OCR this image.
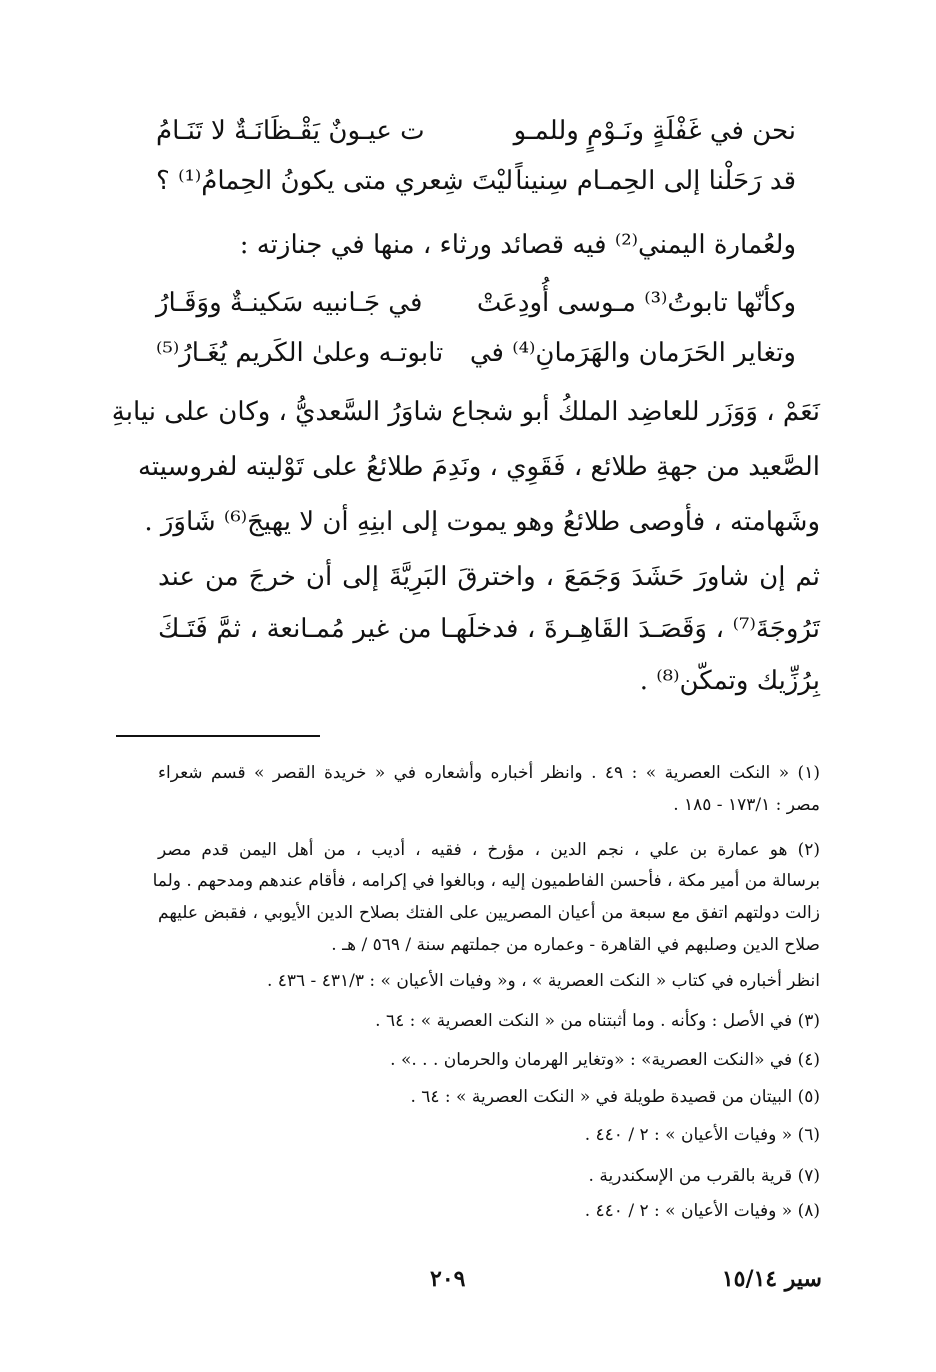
نحن في غَفْلَةٍ ونَـوْمٍ وللمـو
ت عيـونٌ يَقْـظَانَـةٌ لا تَنَـامُ
قد رَحَلْنا إلى الحِمـام سِنيناً
ليْتَ شِعري متى يكونُ الحِمامُ⁽¹⁾ ؟
ولعُمارة اليمني⁽²⁾ فيه قصائد ورثاء ، منها في جنازته :
وكأنّها تابوتُ⁽³⁾ مـوسى أُودِعَتْ
في جَـانبيه سَكينـةٌ ووَقَـارُ
وتغاير الحَرَمان والهَرَمانِ⁽⁴⁾ في
تابوتـه وعلىٰ الكَريم يُغَـارُ⁽⁵⁾
نَعَمْ ، وَوَزَر للعاضِد الملكُ أبو شجاع شاوَرُ السَّعديُّ ، وكان على نيابةِ
الصَّعيد من جهةِ طلائع ، فَقَوِي ، ونَدِمَ طلائعُ على تَوْليته لفروسيته
وشَهامته ، فأوصى طلائعُ وهو يموت إلى ابنِهِ أن لا يهيجَ⁽⁶⁾ شَاوَرَ .
ثم إن شاورَ حَشَدَ وَجَمَعَ ، واخترقَ البَرِيَّةَ إلى أن خرجَ من عند
تَرُوجَةَ⁽⁷⁾ ، وَقَصَـدَ القَاهِـرةَ ، فدخلَهـا من غير مُمـانعة ، ثمَّ فَتَـكَ
بِرُزِّيك وتمكّن⁽⁸⁾ .
(١) « النكت العصرية » : ٤٩ . وانظر أخباره وأشعاره في « خريدة القصر » قسم شعراء
مصر : ١٧٣/١ - ١٨٥ .
(٢) هو عمارة بن علي ، نجم الدين ، مؤرخ ، فقيه ، أديب ، من أهل اليمن قدم مصر
برسالة من أمير مكة ، فأحسن الفاطميون إليه ، وبالغوا في إكرامه ، فأقام عندهم ومدحهم . ولما
زالت دولتهم اتفق مع سبعة من أعيان المصريين على الفتك بصلاح الدين الأيوبي ، فقبض عليهم
صلاح الدين وصلبهم في القاهرة - وعماره من جملتهم سنة / ٥٦٩ / هـ .
انظر أخباره في كتاب « النكت العصرية » ، و« وفيات الأعيان » : ٤٣١/٣ - ٤٣٦ .
(٣) في الأصل : وكأنه . وما أثبتناه من « النكت العصرية » : ٦٤ .
(٤) في «النكت العصرية» : «وتغاير الهرمان والحرمان . . .» .
(٥) البيتان من قصيدة طويلة في « النكت العصرية » : ٦٤ .
(٦) « وفيات الأعيان » : ٢ / ٤٤٠ .
(٧) قرية بالقرب من الإسكندرية .
(٨) « وفيات الأعيان » : ٢ / ٤٤٠ .
سير ١٥/١٤
٢٠٩
